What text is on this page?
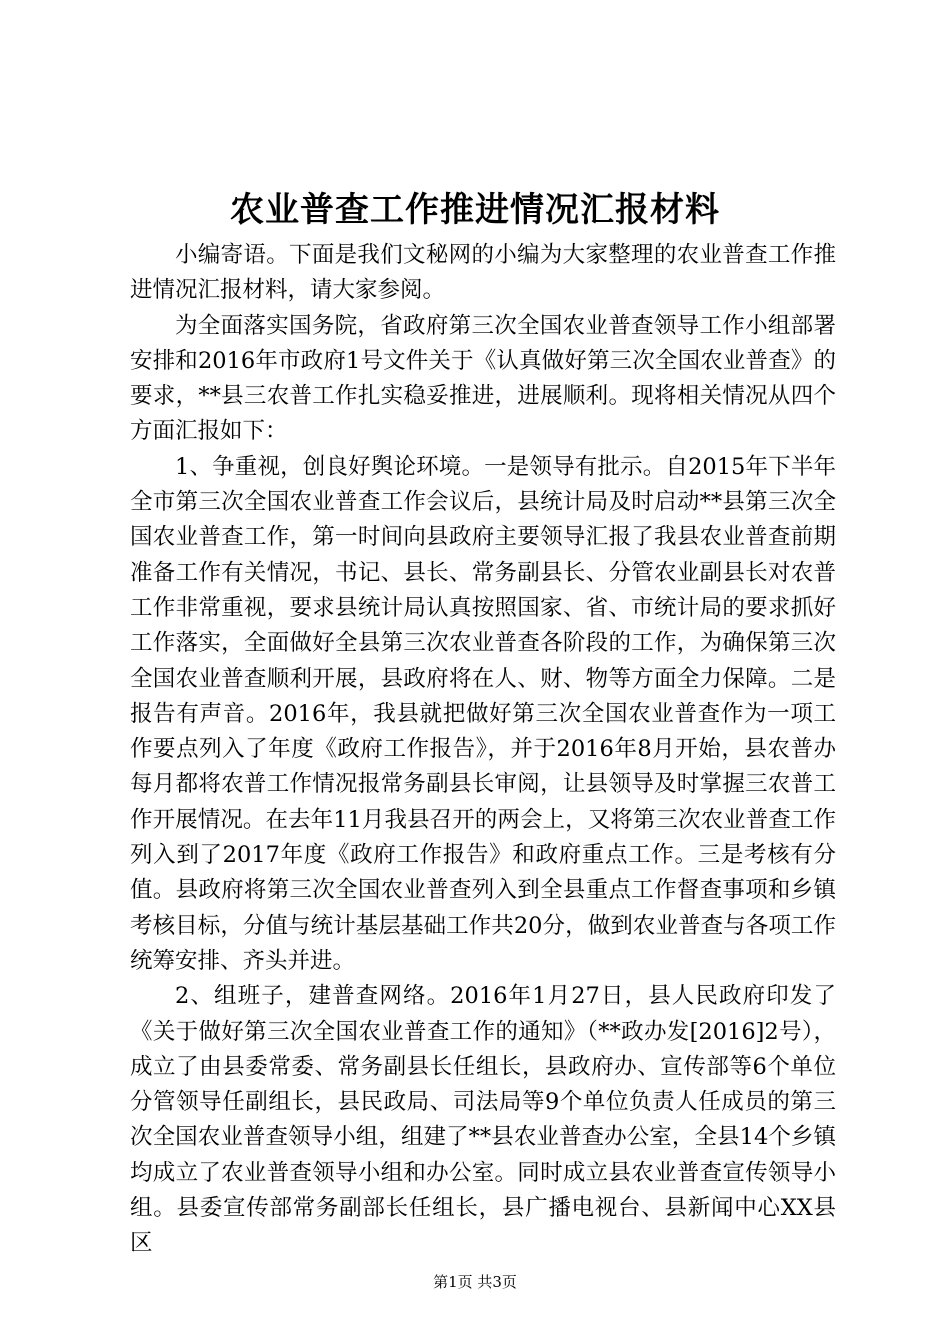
农业普查工作推进情况汇报材料

小编寄语。下面是我们文秘网的小编为大家整理的农业普查工作推进情况汇报材料，请大家参阅。

为全面落实国务院，省政府第三次全国农业普查领导工作小组部署安排和2016年市政府1号文件关于《认真做好第三次全国农业普查》的要求，**县三农普工作扎实稳妥推进，进展顺利。现将相关情况从四个方面汇报如下：

1、争重视，创良好舆论环境。一是领导有批示。自2015年下半年全市第三次全国农业普查工作会议后，县统计局及时启动**县第三次全国农业普查工作，第一时间向县政府主要领导汇报了我县农业普查前期准备工作有关情况，书记、县长、常务副县长、分管农业副县长对农普工作非常重视，要求县统计局认真按照国家、省、市统计局的要求抓好工作落实，全面做好全县第三次农业普查各阶段的工作，为确保第三次全国农业普查顺利开展，县政府将在人、财、物等方面全力保障。二是报告有声音。2016年，我县就把做好第三次全国农业普查作为一项工作要点列入了年度《政府工作报告》，并于2016年8月开始，县农普办每月都将农普工作情况报常务副县长审阅，让县领导及时掌握三农普工作开展情况。在去年11月我县召开的两会上，又将第三次农业普查工作列入到了2017年度《政府工作报告》和政府重点工作。三是考核有分值。县政府将第三次全国农业普查列入到全县重点工作督查事项和乡镇考核目标，分值与统计基层基础工作共20分，做到农业普查与各项工作统筹安排、齐头并进。

2、组班子，建普查网络。2016年1月27日，县人民政府印发了《关于做好第三次全国农业普查工作的通知》（**政办发[2016]2号），成立了由县委常委、常务副县长任组长，县政府办、宣传部等6个单位分管领导任副组长，县民政局、司法局等9个单位负责人任成员的第三次全国农业普查领导小组，组建了**县农业普查办公室，全县14个乡镇均成立了农业普查领导小组和办公室。同时成立县农业普查宣传领导小组。县委宣传部常务副部长任组长，县广播电视台、县新闻中心XX县区

第1页 共3页
